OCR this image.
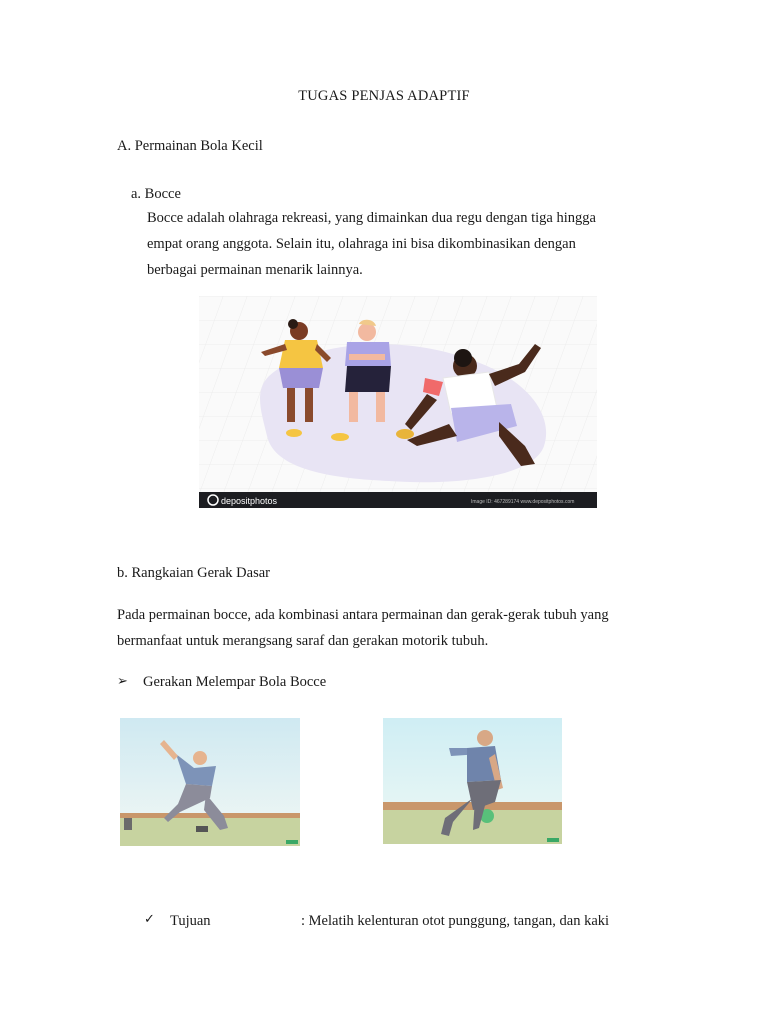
TUGAS PENJAS ADAPTIF
A. Permainan Bola Kecil
a. Bocce
Bocce adalah olahraga rekreasi, yang dimainkan dua regu dengan tiga hingga
empat orang anggota. Selain itu, olahraga ini bisa dikombinasikan dengan
berbagai permainan menarik lainnya.
depositphotos	Image ID: 467289174 www.depositphotos.com
b. Rangkaian Gerak Dasar
Pada permainan bocce, ada kombinasi antara permainan dan gerak-gerak tubuh yang
bermanfaat untuk merangsang saraf dan gerakan motorik tubuh.
➢ Gerakan Melempar Bola Bocce
✓ Tujuan	: Melatih kelenturan otot punggung, tangan, dan kaki
